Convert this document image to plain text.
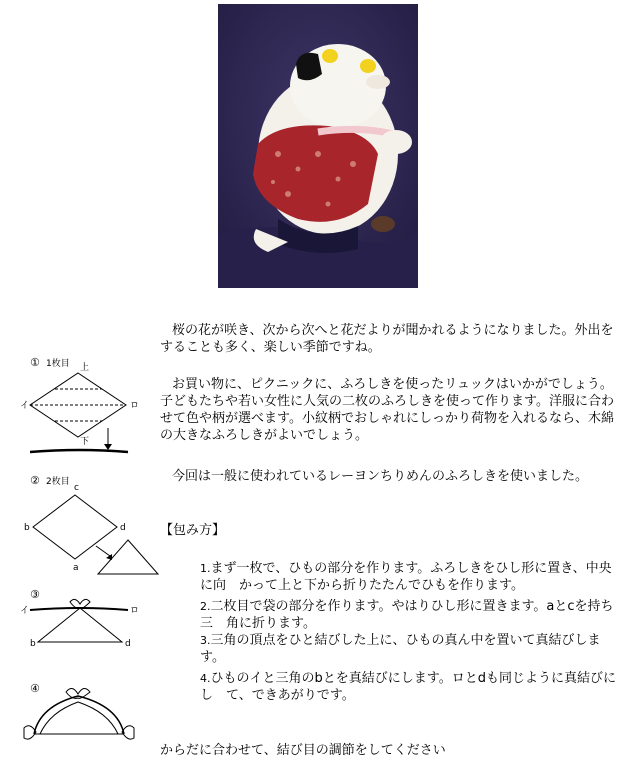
桜の花が咲き、次から次へと花だよりが聞かれるようになりました。外出をすることも多く、楽しい季節ですね。

お買い物に、ピクニックに、ふろしきを使ったリュックはいかがでしょう。 子どもたちや若い女性に人気の二枚のふろしきを使って作ります。洋服に合わせて色や柄が選べます。小紋柄でおしゃれにしっかり荷物を入れるなら、木綿の大きなふろしきがよいでしょう。

今回は一般に使われているレーヨンちりめんのふろしきを使いました。

【包み方】

1.まず一枚で、ひもの部分を作ります。ふろしきをひし形に置き、中央に向　かって上と下から折りたたんでひもを作ります。
2.二枚目で袋の部分を作ります。やはりひし形に置きます。aとcを持ち三　角に折ります。
3.三角の頂点をひと結びした上に、ひもの真ん中を置いて真結びします。
4.ひものイと三角のbとを真結びにします。ロとdも同じように真結びにし　て、できあがりです。

からだに合わせて、結び目の調節をしてください

① 1枚目 上
イ	ロ
下
② 2枚目
c
b	d
a
③
イ	ロ
b	d
④
